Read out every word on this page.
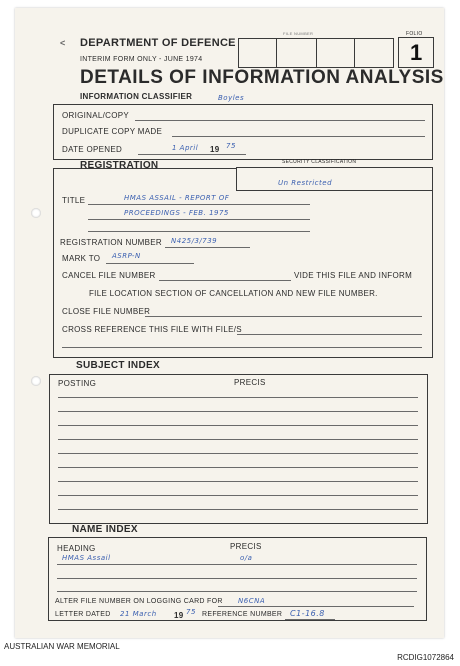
< DEPARTMENT OF DEFENCE
INTERIM FORM ONLY - JUNE 1974
DETAILS OF INFORMATION ANALYSIS
INFORMATION CLASSIFIER	Boyles
FILE NUMBER	FOLIO
1
ORIGINAL/COPY
DUPLICATE COPY MADE
DATE OPENED	1 April 19 75
REGISTRATION	SECURITY CLASSIFICATION
Un Restricted
TITLE	HMAS ASSAIL - REPORT OF
PROCEEDINGS - FEB. 1975
REGISTRATION NUMBER N425/3/739
MARK TO ASRP-N
CANCEL FILE NUMBER	VIDE THIS FILE AND INFORM
FILE LOCATION SECTION OF CANCELLATION AND NEW FILE NUMBER.
CLOSE FILE NUMBER
CROSS REFERENCE THIS FILE WITH FILE/S
SUBJECT INDEX
POSTING	PRECIS
NAME INDEX
HEADING	PRECIS
HMAS Assail	o/a
ALTER FILE NUMBER ON LOGGING CARD FOR N6CNA
LETTER DATED 21 March 19 75 REFERENCE NUMBER C1-16.8
AUSTRALIAN WAR MEMORIAL
RCDIG1072864
